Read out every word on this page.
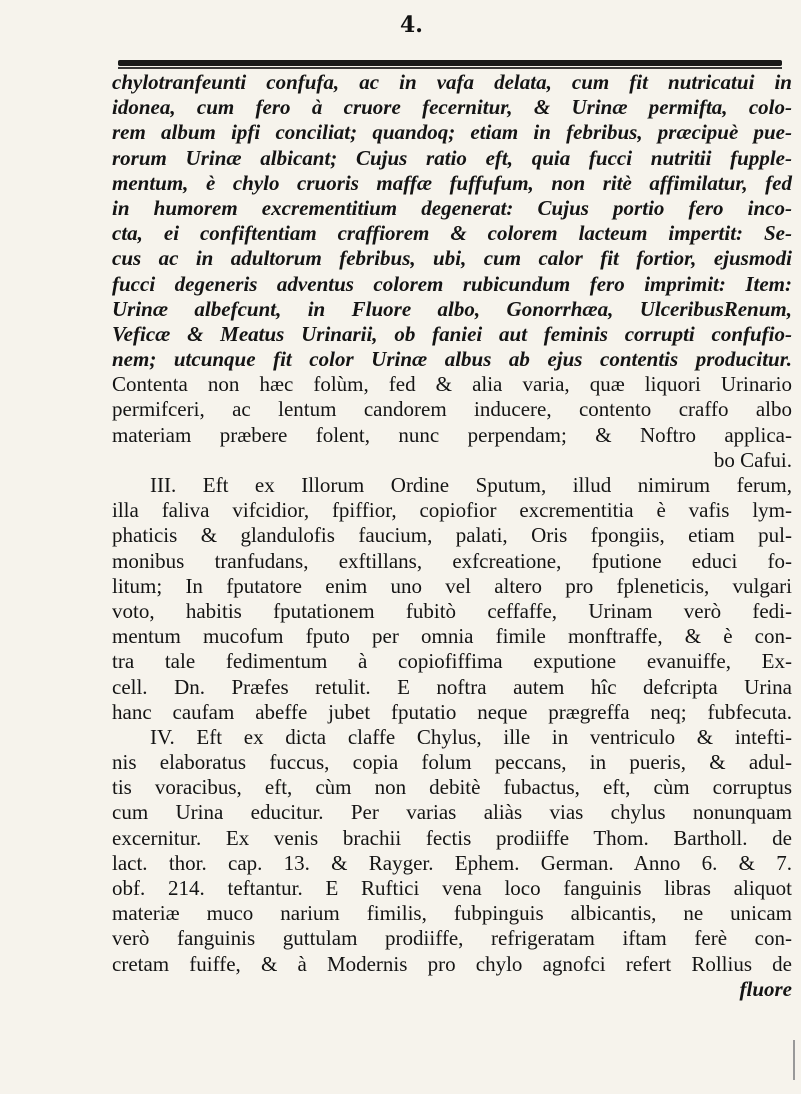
4.
chylotranfeunti confufa, ac in vafa delata, cum fit nutricatui in
idonea, cum fero à cruore fecernitur, & Urinæ permifta, colo-
rem album ipfi conciliat; quandoq; etiam in febribus, præcipuè pue-
rorum Urinæ albicant; Cujus ratio eft, quia fucci nutritii fupple-
mentum, è chylo cruoris maffæ fuffufum, non ritè affimilatur, fed
in humorem excrementitium degenerat: Cujus portio fero inco-
cta, ei confiftentiam craffiorem & colorem lacteum impertit: Se-
cus ac in adultorum febribus, ubi, cum calor fit fortior, ejusmodi
fucci degeneris adventus colorem rubicundum fero imprimit: Item:
Urinæ albefcunt, in Fluore albo, Gonorrhæa, UlceribusRenum,
Veficæ & Meatus Urinarii, ob faniei aut feminis corrupti confufio-
nem; utcunque fit color Urinæ albus ab ejus contentis producitur.
Contenta non hæc folùm, fed & alia varia, quæ liquori Urinario
permifceri, ac lentum candorem inducere, contento craffo albo
materiam præbere folent, nunc perpendam; & Noftro applica-
bo Cafui.
III. Eft ex Illorum Ordine Sputum, illud nimirum ferum,
illa faliva vifcidior, fpiffior, copiofior excrementitia è vafis lym-
phaticis & glandulofis faucium, palati, Oris fpongiis, etiam pul-
monibus tranfudans, exftillans, exfcreatione, fputione educi fo-
litum; In fputatore enim uno vel altero pro fpleneticis, vulgari
voto, habitis fputationem fubitò ceffaffe, Urinam verò fedi-
mentum mucofum fputo per omnia fimile monftraffe, & è con-
tra tale fedimentum à copiofiffima exputione evanuiffe, Ex-
cell. Dn. Præfes retulit. E noftra autem hîc defcripta Urina
hanc caufam abeffe jubet fputatio neque prægreffa neq; fubfecuta.
IV. Eft ex dicta claffe Chylus, ille in ventriculo & intefti-
nis elaboratus fuccus, copia folum peccans, in pueris, & adul-
tis voracibus, eft, cùm non debitè fubactus, eft, cùm corruptus
cum Urina educitur. Per varias aliàs vias chylus nonunquam
excernitur. Ex venis brachii fectis prodiiffe Thom. Bartholl. de
lact. thor. cap. 13. & Rayger. Ephem. German. Anno 6. & 7.
obf. 214. teftantur. E Ruftici vena loco fanguinis libras aliquot
materiæ muco narium fimilis, fubpinguis albicantis, ne unicam
verò fanguinis guttulam prodiiffe, refrigeratam iftam ferè con-
cretam fuiffe, & à Modernis pro chylo agnofci refert Rollius de
fluore
